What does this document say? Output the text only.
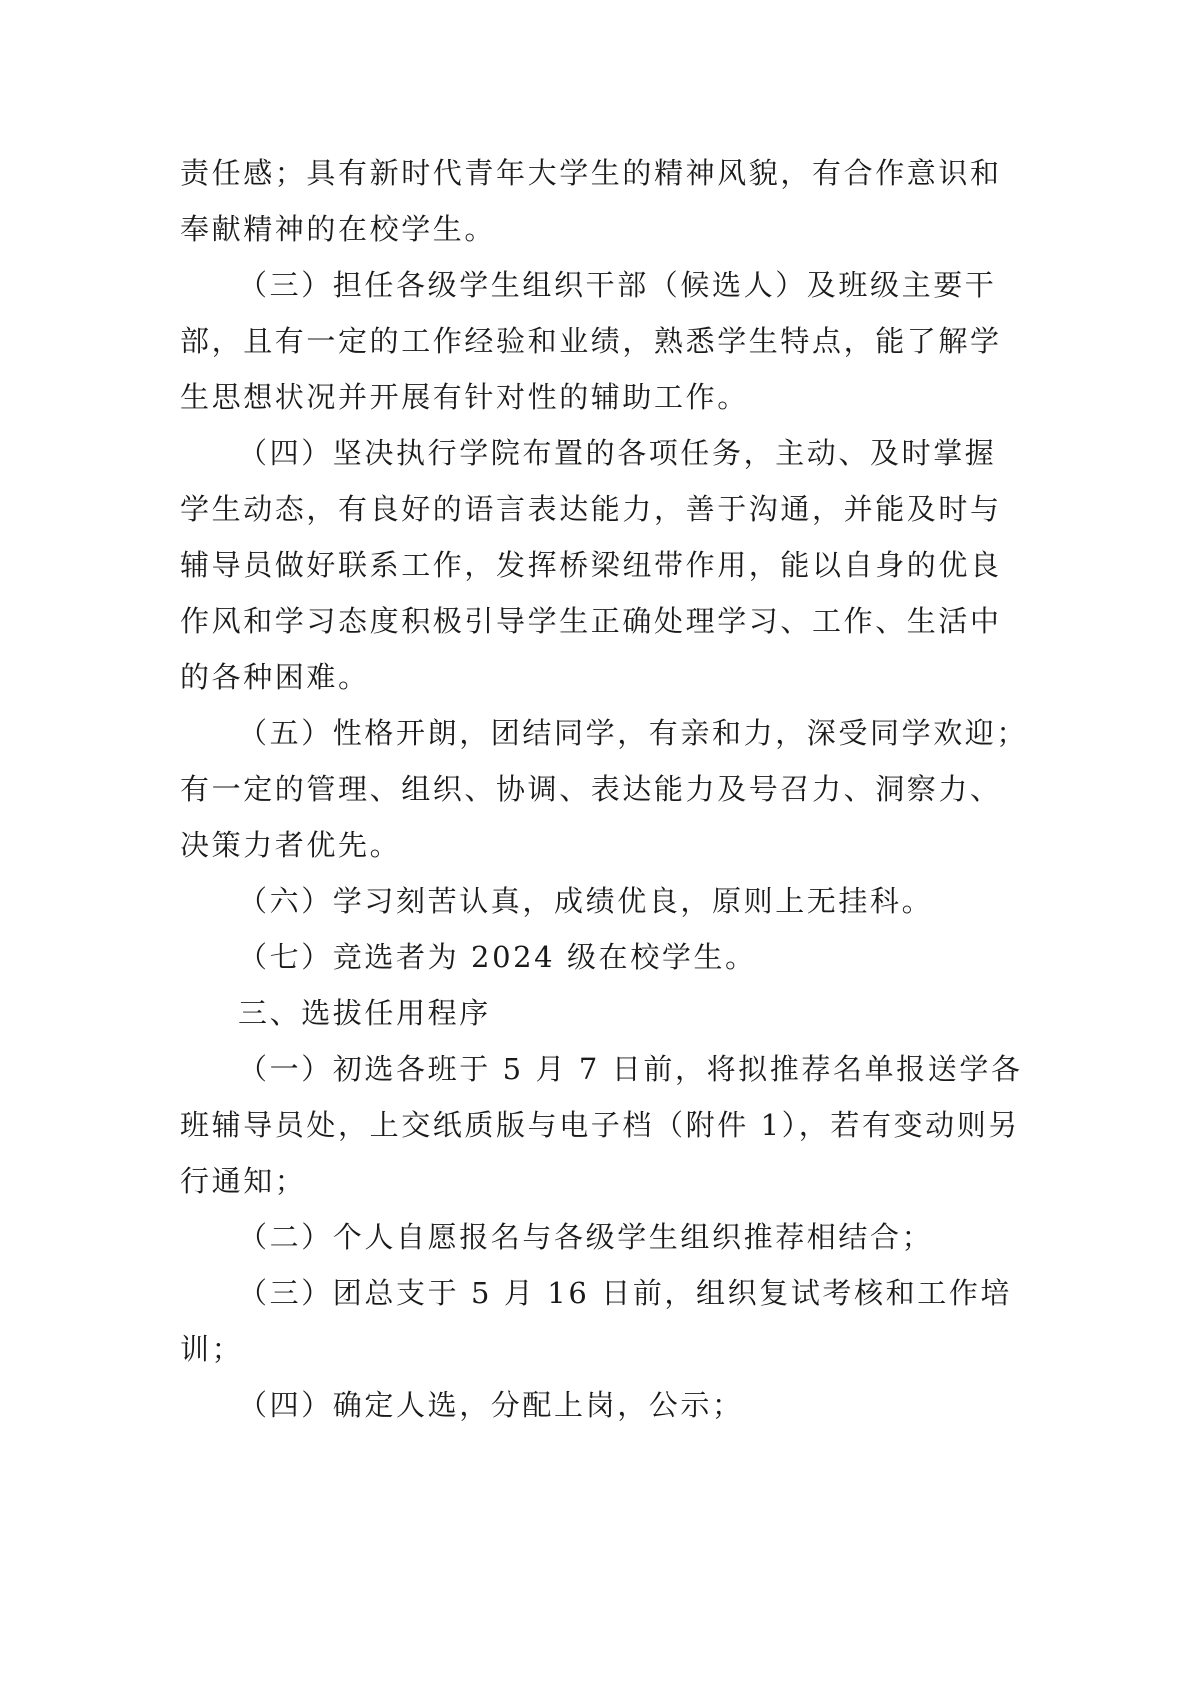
责任感；具有新时代青年大学生的精神风貌，有合作意识和
奉献精神的在校学生。

（三）担任各级学生组织干部（候选人）及班级主要干
部，且有一定的工作经验和业绩，熟悉学生特点，能了解学
生思想状况并开展有针对性的辅助工作。

（四）坚决执行学院布置的各项任务，主动、及时掌握
学生动态，有良好的语言表达能力，善于沟通，并能及时与
辅导员做好联系工作，发挥桥梁纽带作用，能以自身的优良
作风和学习态度积极引导学生正确处理学习、工作、生活中
的各种困难。

（五）性格开朗，团结同学，有亲和力，深受同学欢迎；
有一定的管理、组织、协调、表达能力及号召力、洞察力、
决策力者优先。

（六）学习刻苦认真，成绩优良，原则上无挂科。

（七）竞选者为 2024 级在校学生。

三、选拔任用程序

（一）初选各班于 5 月 7 日前，将拟推荐名单报送学各
班辅导员处，上交纸质版与电子档（附件 1），若有变动则另
行通知；

（二）个人自愿报名与各级学生组织推荐相结合；

（三）团总支于 5 月 16 日前，组织复试考核和工作培
训；

（四）确定人选，分配上岗，公示；
